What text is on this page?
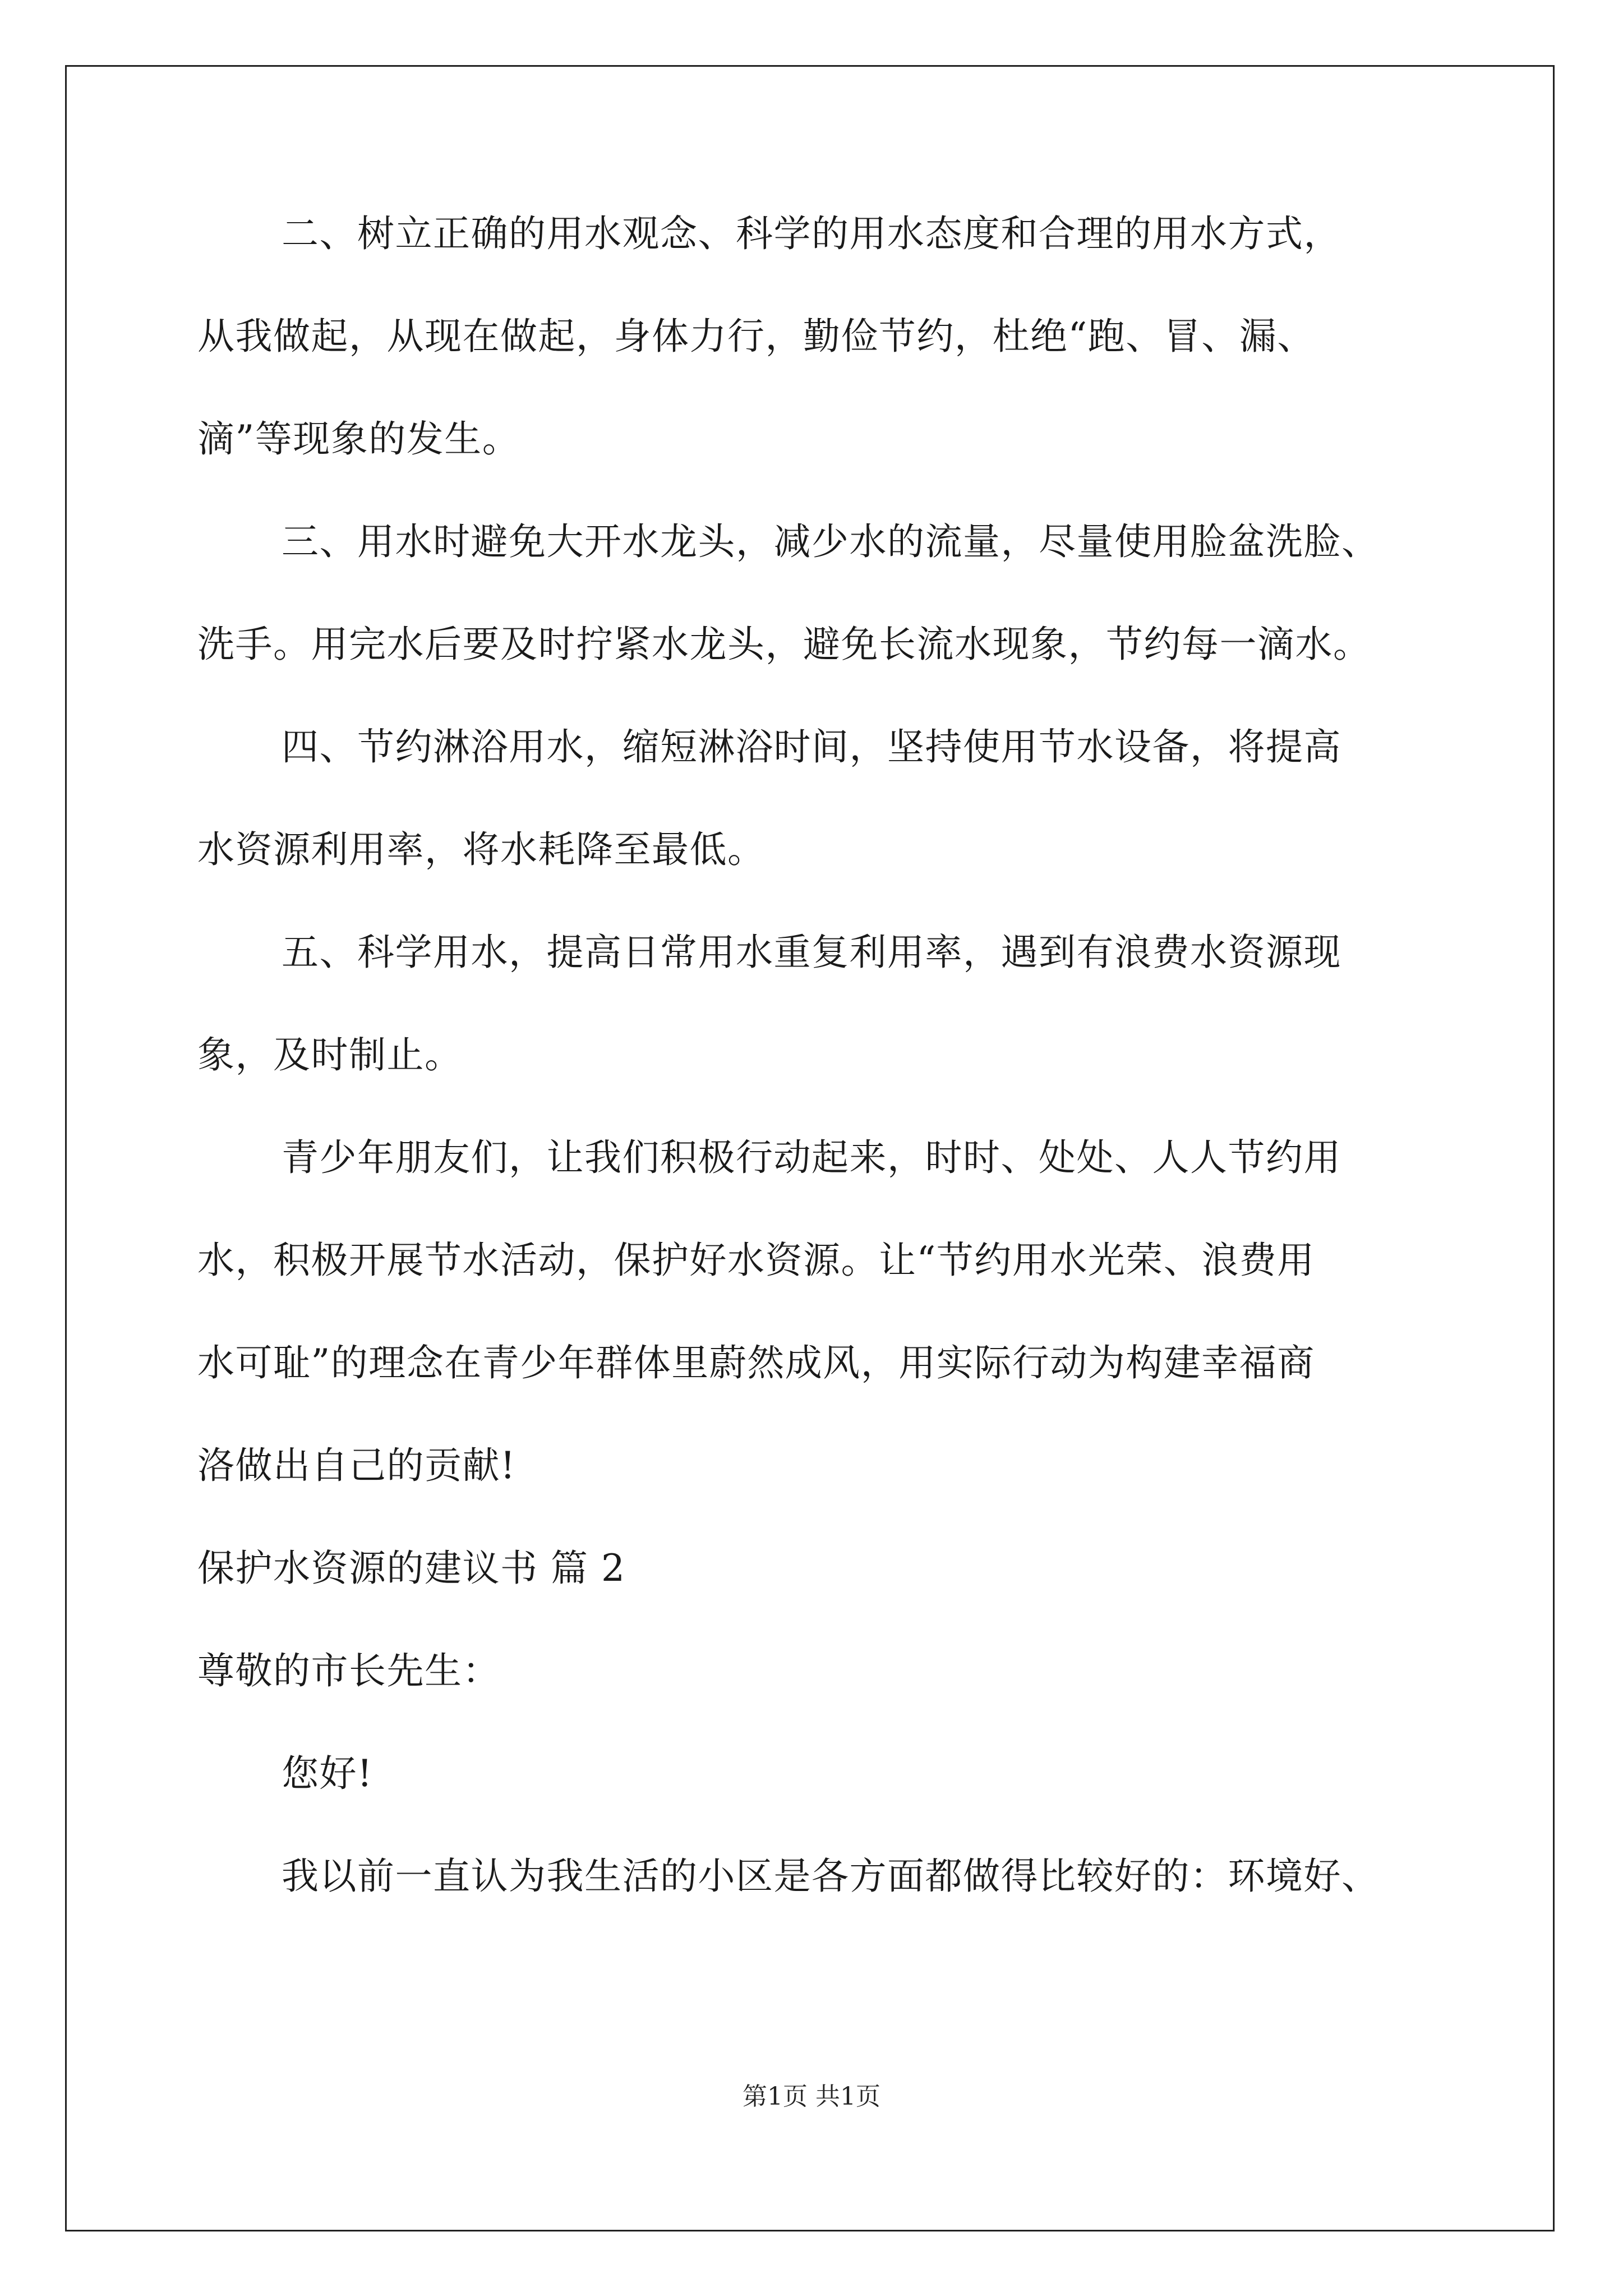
二、树立正确的用水观念、科学的用水态度和合理的用水方式，
从我做起，从现在做起，身体力行，勤俭节约，杜绝“跑、冒、漏、
滴”等现象的发生。
三、用水时避免大开水龙头，减少水的流量，尽量使用脸盆洗脸、
洗手。用完水后要及时拧紧水龙头，避免长流水现象，节约每一滴水。
四、节约淋浴用水，缩短淋浴时间，坚持使用节水设备，将提高
水资源利用率，将水耗降至最低。
五、科学用水，提高日常用水重复利用率，遇到有浪费水资源现
象，及时制止。
青少年朋友们，让我们积极行动起来，时时、处处、人人节约用
水，积极开展节水活动，保护好水资源。让“节约用水光荣、浪费用
水可耻”的理念在青少年群体里蔚然成风，用实际行动为构建幸福商
洛做出自己的贡献!
保护水资源的建议书 篇 2
尊敬的市长先生：
您好!
我以前一直认为我生活的小区是各方面都做得比较好的：环境好、
第1页 共1页
